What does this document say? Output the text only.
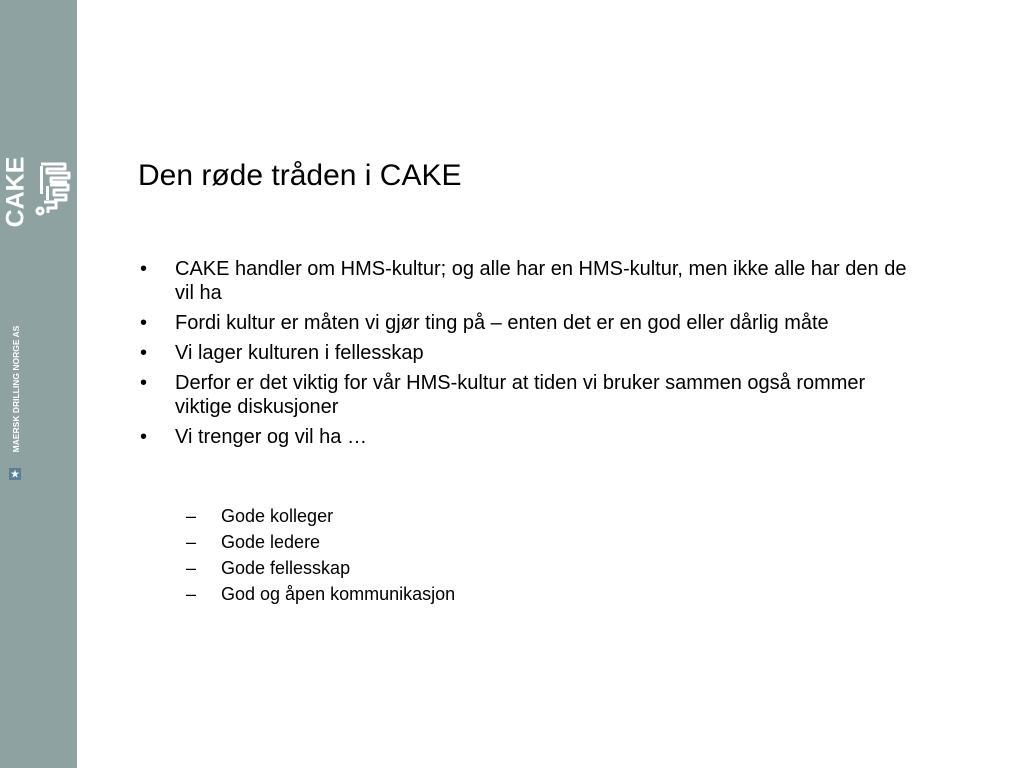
CAKE
MAERSK DRILLING NORGE AS
Den røde tråden i CAKE
• CAKE handler om HMS-kultur; og alle har en HMS-kultur, men ikke alle har den de vil ha
• Fordi kultur er måten vi gjør ting på – enten det er en god eller dårlig måte
• Vi lager kulturen i fellesskap
• Derfor er det viktig for vår HMS-kultur at tiden vi bruker sammen også rommer viktige diskusjoner
• Vi trenger og vil ha …
– Gode kolleger
– Gode ledere
– Gode fellesskap
– God og åpen kommunikasjon
